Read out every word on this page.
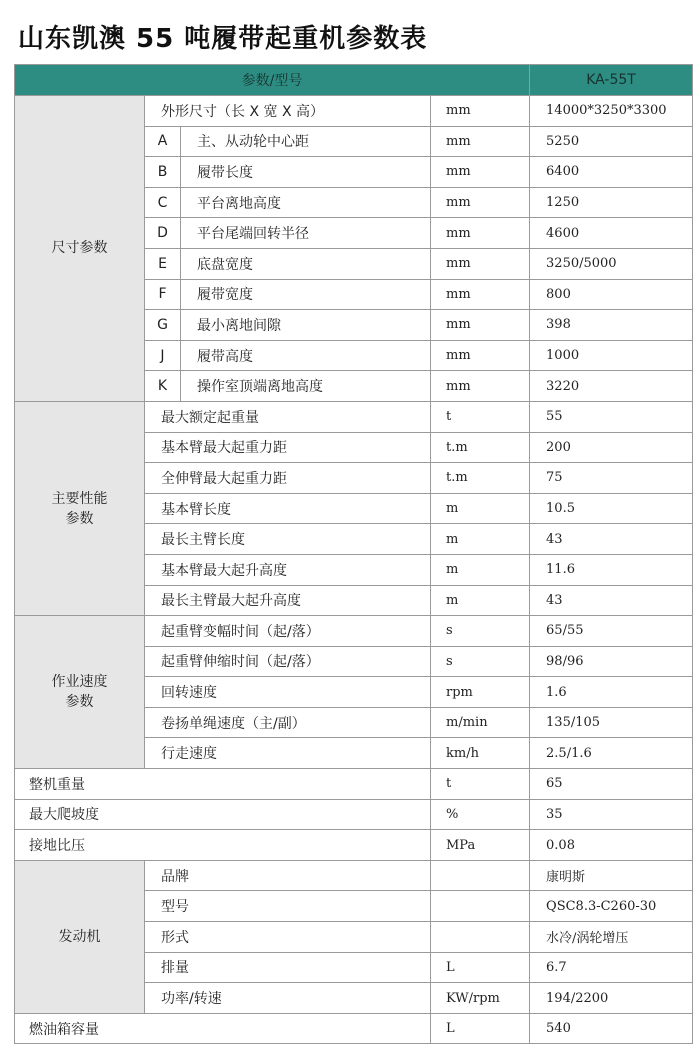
山东凯澳 55 吨履带起重机参数表
参数/型号				KA-55T
尺寸参数	外形尺寸（长 X 宽 X 高）		mm	14000*3250*3300
	A	主、从动轮中心距	mm	5250
	B	履带长度	mm	6400
	C	平台离地高度	mm	1250
	D	平台尾端回转半径	mm	4600
	E	底盘宽度	mm	3250/5000
	F	履带宽度	mm	800
	G	最小离地间隙	mm	398
	J	履带高度	mm	1000
	K	操作室顶端离地高度	mm	3220

主要性能
参数	最大额定起重量		t	55
	基本臂最大起重力距		t.m	200
	全伸臂最大起重力距		t.m	75
	基本臂长度		m	10.5
	最长主臂长度		m	43
	基本臂最大起升高度		m	11.6
	最长主臂最大起升高度		m	43

作业速度
参数	起重臂变幅时间（起/落）		s	65/55
	起重臂伸缩时间（起/落）		s	98/96
	回转速度		rpm	1.6
	卷扬单绳速度（主/副）		m/min	135/105
	行走速度		km/h	2.5/1.6
整机重量			t	65
最大爬坡度			%	35
接地比压			MPa	0.08
发动机	品牌			康明斯
	型号			QSC8.3-C260-30
	形式			水冷/涡轮增压
	排量		L	6.7
	功率/转速		KW/rpm	194/2200
燃油箱容量			L	540
